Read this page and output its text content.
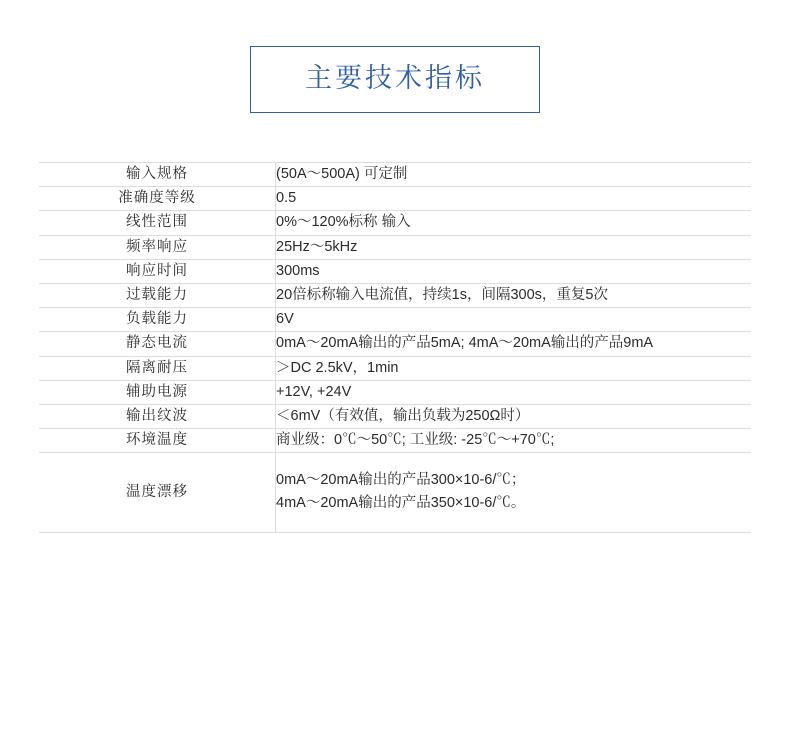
主要技术指标
输入规格	(50A～500A) 可定制

准确度等级	0.5

线性范围	0%～120%标称 输入

频率响应	25Hz～5kHz

响应时间	300ms

过载能力	20倍标称输入电流值，持续1s，间隔300s，重复5次

负载能力	6V

静态电流	0mA～20mA输出的产品5mA; 4mA～20mA输出的产品9mA

隔离耐压	＞DC 2.5kV，1min

辅助电源	+12V, +24V

输出纹波	＜6mV（有效值，输出负载为250Ω时）

环境温度	商业级：0℃～50℃; 工业级: -25℃～+70℃;

温度漂移	0mA～20mA输出的产品300×10-6/℃；
4mA～20mA输出的产品350×10-6/℃。
